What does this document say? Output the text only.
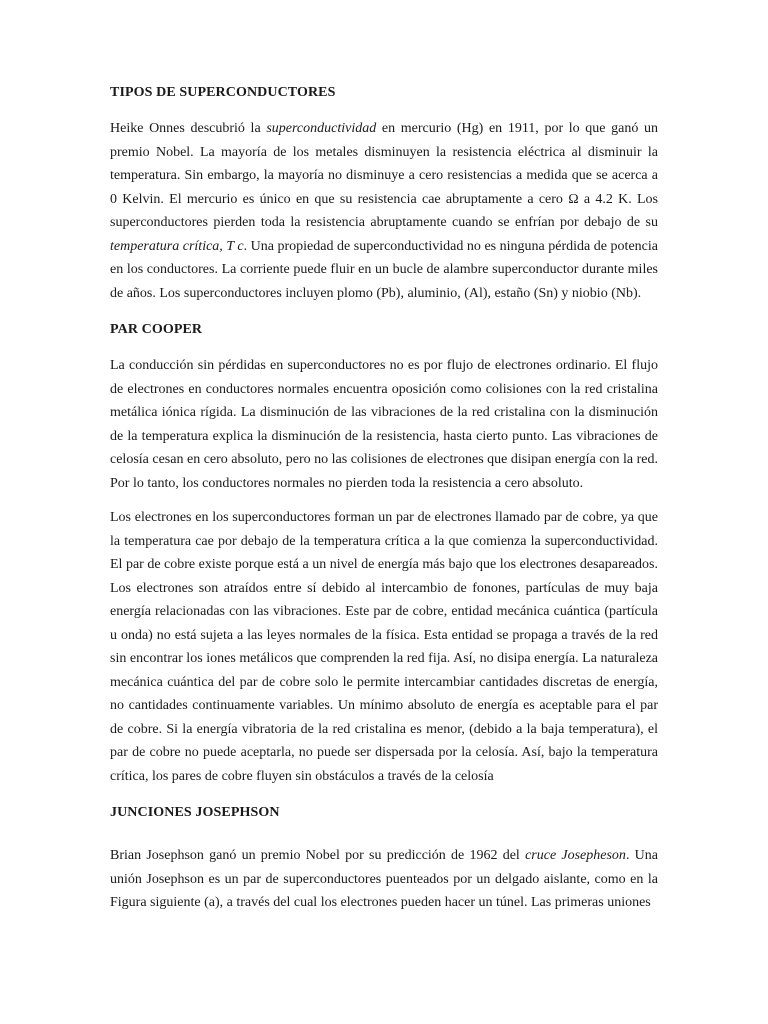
TIPOS DE SUPERCONDUCTORES

Heike Onnes descubrió la superconductividad en mercurio (Hg) en 1911, por lo que ganó un premio Nobel. La mayoría de los metales disminuyen la resistencia eléctrica al disminuir la temperatura. Sin embargo, la mayoría no disminuye a cero resistencias a medida que se acerca a 0 Kelvin. El mercurio es único en que su resistencia cae abruptamente a cero Ω a 4.2 K. Los superconductores pierden toda la resistencia abruptamente cuando se enfrían por debajo de su temperatura crítica, T c. Una propiedad de superconductividad no es ninguna pérdida de potencia en los conductores. La corriente puede fluir en un bucle de alambre superconductor durante miles de años. Los superconductores incluyen plomo (Pb), aluminio, (Al), estaño (Sn) y niobio (Nb).

PAR COOPER

La conducción sin pérdidas en superconductores no es por flujo de electrones ordinario. El flujo de electrones en conductores normales encuentra oposición como colisiones con la red cristalina metálica iónica rígida. La disminución de las vibraciones de la red cristalina con la disminución de la temperatura explica la disminución de la resistencia, hasta cierto punto. Las vibraciones de celosía cesan en cero absoluto, pero no las colisiones de electrones que disipan energía con la red. Por lo tanto, los conductores normales no pierden toda la resistencia a cero absoluto.

Los electrones en los superconductores forman un par de electrones llamado par de cobre, ya que la temperatura cae por debajo de la temperatura crítica a la que comienza la superconductividad. El par de cobre existe porque está a un nivel de energía más bajo que los electrones desapareados. Los electrones son atraídos entre sí debido al intercambio de fonones, partículas de muy baja energía relacionadas con las vibraciones. Este par de cobre, entidad mecánica cuántica (partícula u onda) no está sujeta a las leyes normales de la física. Esta entidad se propaga a través de la red sin encontrar los iones metálicos que comprenden la red fija. Así, no disipa energía. La naturaleza mecánica cuántica del par de cobre solo le permite intercambiar cantidades discretas de energía, no cantidades continuamente variables. Un mínimo absoluto de energía es aceptable para el par de cobre. Si la energía vibratoria de la red cristalina es menor, (debido a la baja temperatura), el par de cobre no puede aceptarla, no puede ser dispersada por la celosía. Así, bajo la temperatura crítica, los pares de cobre fluyen sin obstáculos a través de la celosía

JUNCIONES JOSEPHSON

Brian Josephson ganó un premio Nobel por su predicción de 1962 del cruce Josepheson. Una unión Josephson es un par de superconductores puenteados por un delgado aislante, como en la Figura siguiente (a), a través del cual los electrones pueden hacer un túnel. Las primeras uniones
